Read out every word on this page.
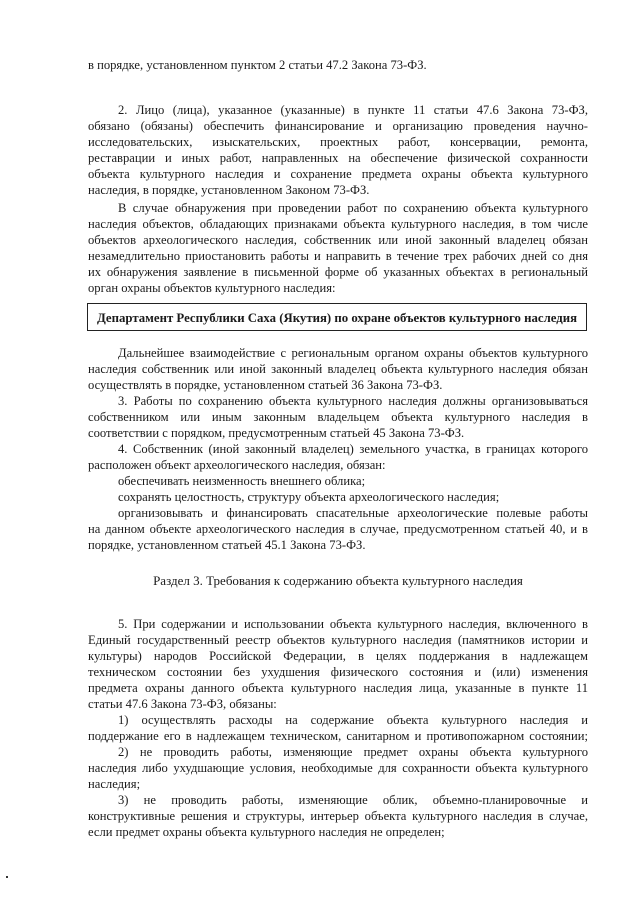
в порядке, установленном пунктом 2 статьи 47.2 Закона 73-ФЗ.
2. Лицо (лица), указанное (указанные) в пункте 11 статьи 47.6 Закона 73-ФЗ,
обязано (обязаны) обеспечить финансирование и организацию проведения научно-
исследовательских, изыскательских, проектных работ, консервации, ремонта,
реставрации и иных работ, направленных на обеспечение физической сохранности
объекта культурного наследия и сохранение предмета охраны объекта культурного
наследия, в порядке, установленном Законом 73-ФЗ.
В случае обнаружения при проведении работ по сохранению объекта культурного
наследия объектов, обладающих признаками объекта культурного наследия, в том числе
объектов археологического наследия, собственник или иной законный владелец обязан
незамедлительно приостановить работы и направить в течение трех рабочих дней со дня
их обнаружения заявление в письменной форме об указанных объектах в региональный
орган охраны объектов культурного наследия:
Департамент Республики Саха (Якутия) по охране объектов культурного наследия
Дальнейшее взаимодействие с региональным органом охраны объектов культурного
наследия собственник или иной законный владелец объекта культурного наследия обязан
осуществлять в порядке, установленном статьей 36 Закона 73-ФЗ.
3. Работы по сохранению объекта культурного наследия должны организовываться
собственником или иным законным владельцем объекта культурного наследия в
соответствии с порядком, предусмотренным статьей 45 Закона 73-ФЗ.
4. Собственник (иной законный владелец) земельного участка, в границах которого
расположен объект археологического наследия, обязан:
обеспечивать неизменность внешнего облика;
сохранять целостность, структуру объекта археологического наследия;
организовывать и финансировать спасательные археологические полевые работы
на данном объекте археологического наследия в случае, предусмотренном статьей 40, и в
порядке, установленном статьей 45.1 Закона 73-ФЗ.
Раздел 3. Требования к содержанию объекта культурного наследия
5. При содержании и использовании объекта культурного наследия, включенного в
Единый государственный реестр объектов культурного наследия (памятников истории и
культуры) народов Российской Федерации, в целях поддержания в надлежащем
техническом состоянии без ухудшения физического состояния и (или) изменения
предмета охраны данного объекта культурного наследия лица, указанные в пункте 11
статьи 47.6 Закона 73-ФЗ, обязаны:
1) осуществлять расходы на содержание объекта культурного наследия и
поддержание его в надлежащем техническом, санитарном и противопожарном состоянии;
2) не проводить работы, изменяющие предмет охраны объекта культурного
наследия либо ухудшающие условия, необходимые для сохранности объекта культурного
наследия;
3) не проводить работы, изменяющие облик, объемно-планировочные и
конструктивные решения и структуры, интерьер объекта культурного наследия в случае,
если предмет охраны объекта культурного наследия не определен;
